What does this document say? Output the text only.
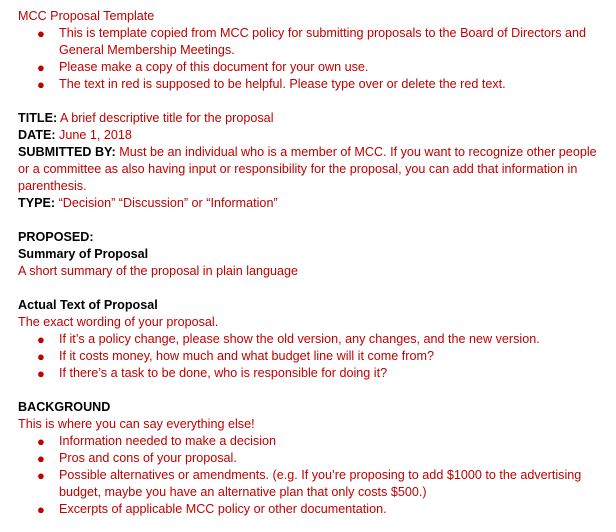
MCC Proposal Template
● This is template copied from MCC policy for submitting proposals to the Board of Directors and General Membership Meetings.
● Please make a copy of this document for your own use.
● The text in red is supposed to be helpful. Please type over or delete the red text.
TITLE: A brief descriptive title for the proposal
DATE: June 1, 2018
SUBMITTED BY: Must be an individual who is a member of MCC. If you want to recognize other people or a committee as also having input or responsibility for the proposal, you can add that information in parenthesis.
TYPE: “Decision” “Discussion” or “Information”
PROPOSED:
Summary of Proposal
A short summary of the proposal in plain language
Actual Text of Proposal
The exact wording of your proposal.
● If it’s a policy change, please show the old version, any changes, and the new version.
● If it costs money, how much and what budget line will it come from?
● If there’s a task to be done, who is responsible for doing it?
BACKGROUND
This is where you can say everything else!
● Information needed to make a decision
● Pros and cons of your proposal.
● Possible alternatives or amendments. (e.g. If you’re proposing to add $1000 to the advertising budget, maybe you have an alternative plan that only costs $500.)
● Excerpts of applicable MCC policy or other documentation.
